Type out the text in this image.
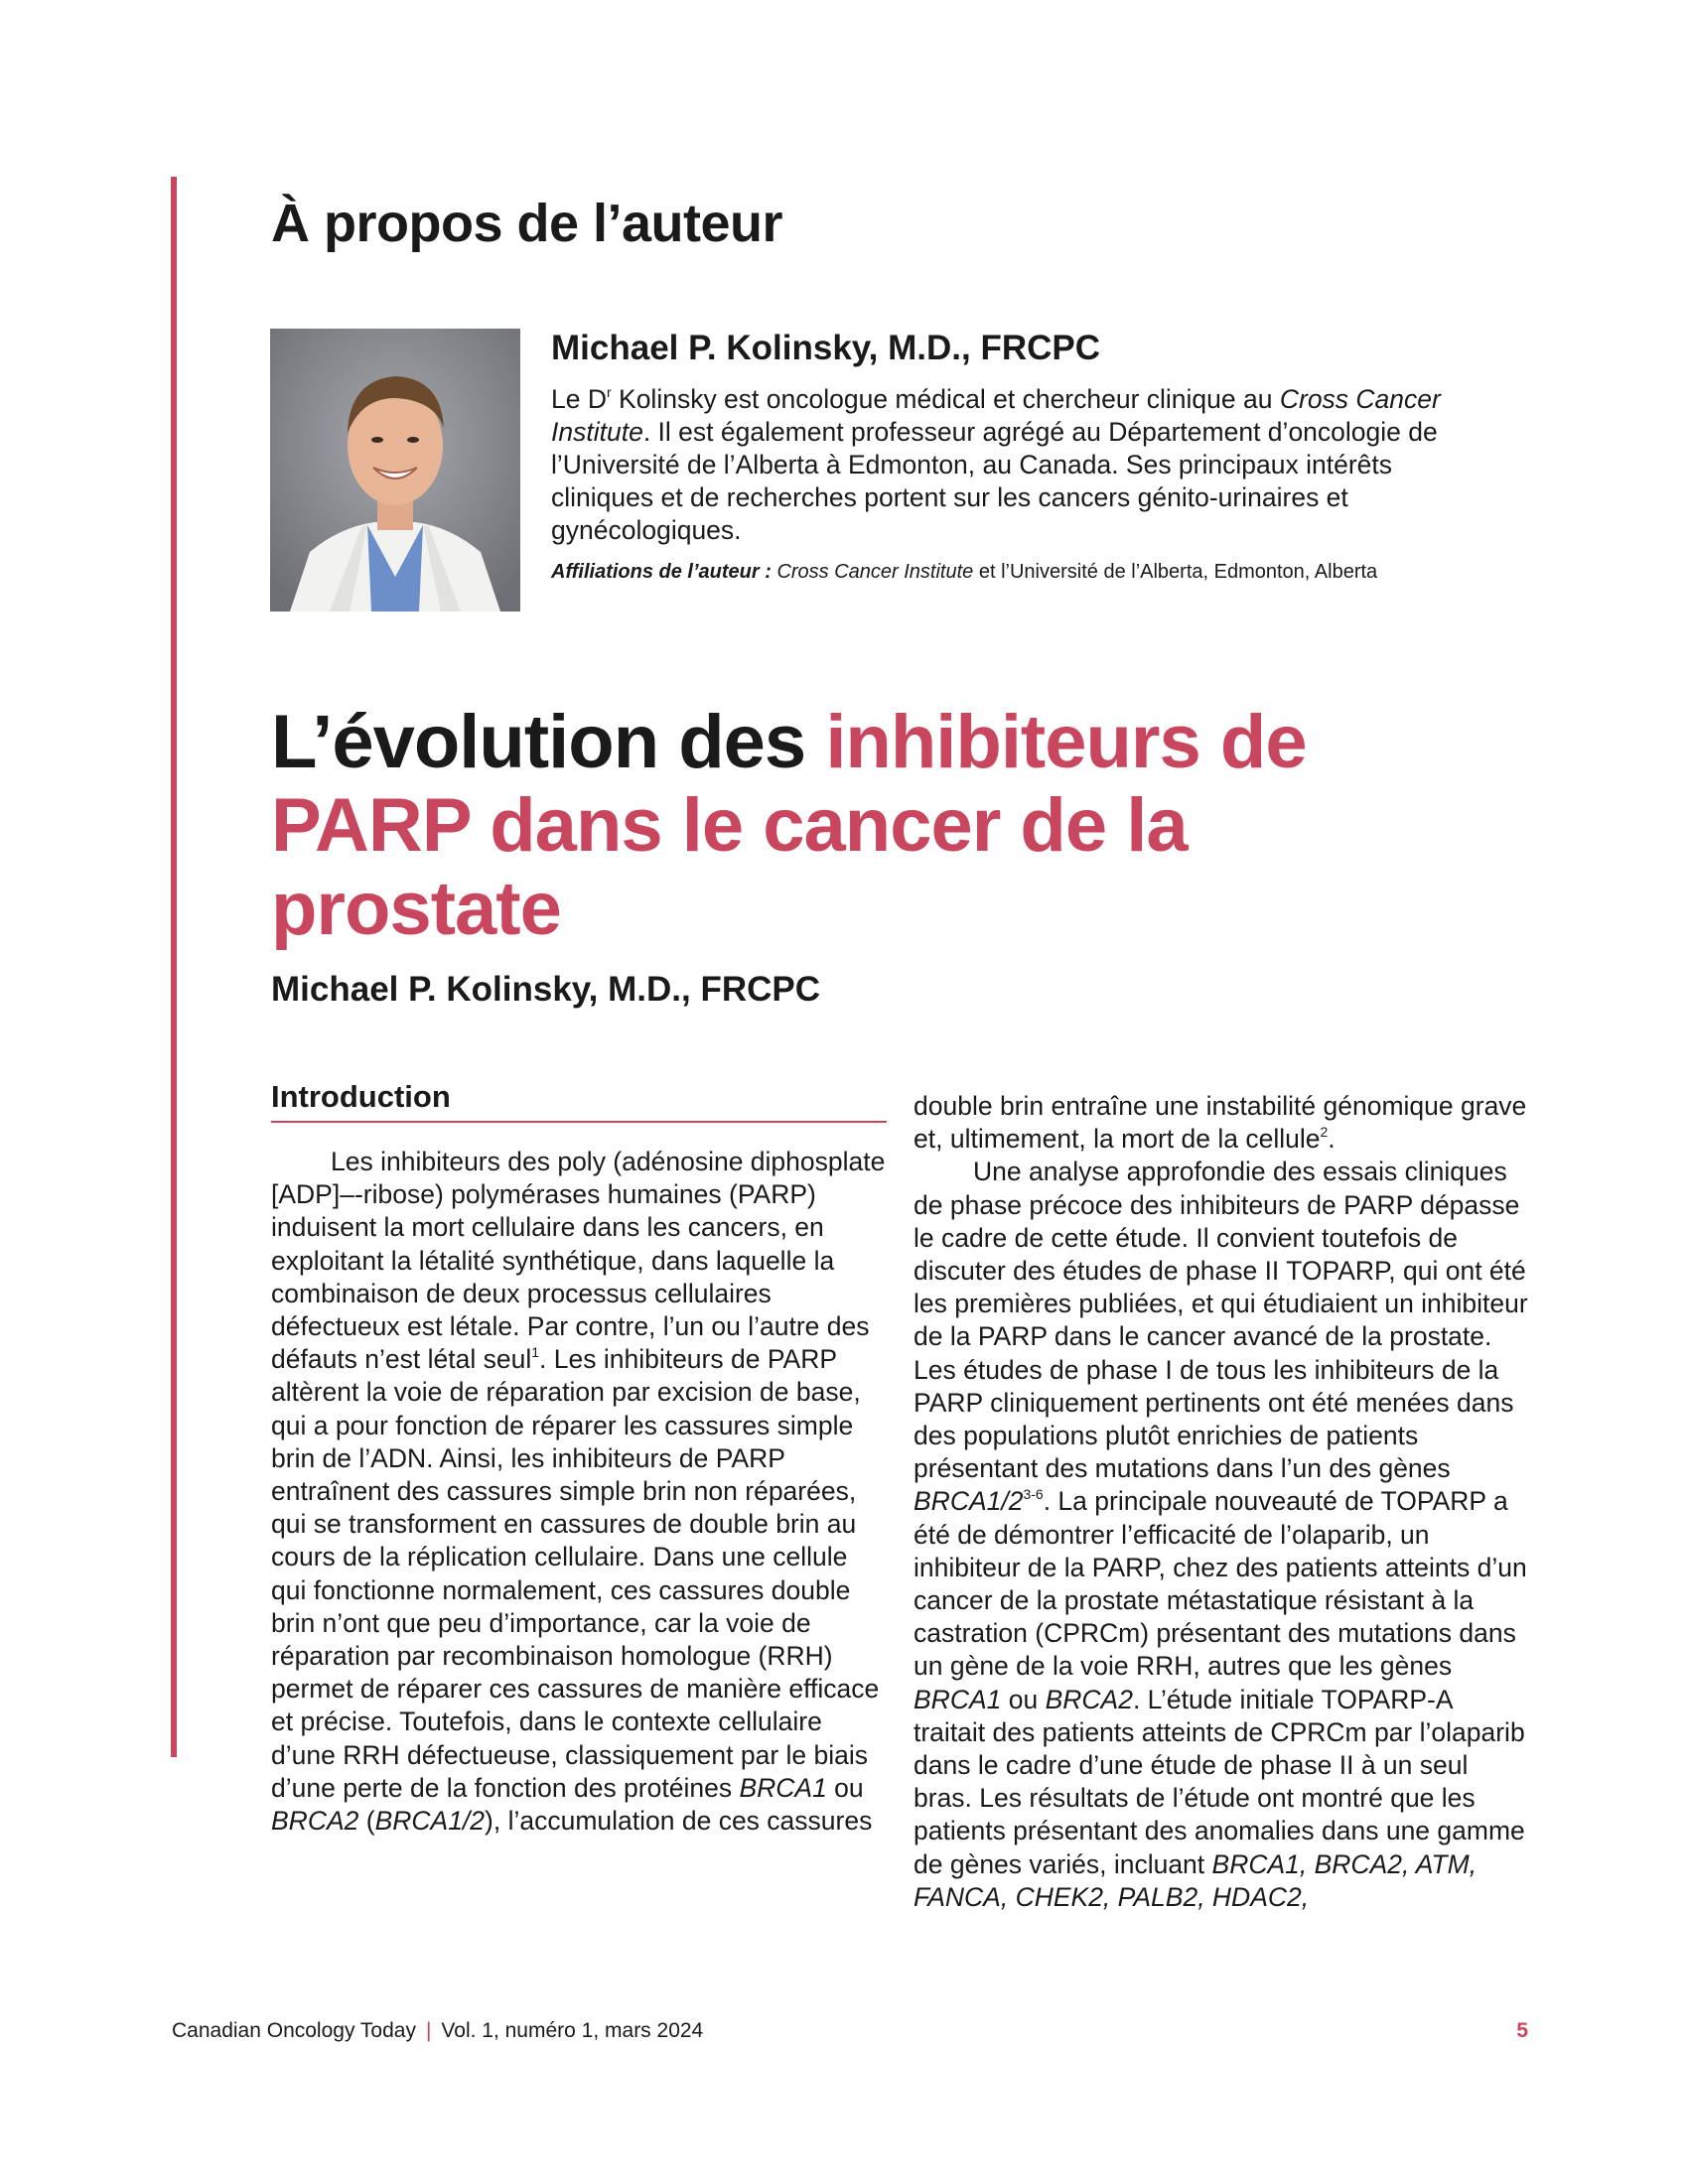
À propos de l’auteur
Michael P. Kolinsky, M.D., FRCPC

Le $D^r$ Kolinsky est oncologue médical et chercheur clinique au Cross Cancer Institute. Il est également professeur agrégé au Département d’oncologie de l’Université de l’Alberta à Edmonton, au Canada. Ses principaux intérêts cliniques et de recherches portent sur les cancers génito-urinaires et gynécologiques.

Affiliations de l’auteur : Cross Cancer Institute et l’Université de l’Alberta, Edmonton, Alberta

L’évolution des inhibiteurs de PARP dans le cancer de la prostate
Michael P. Kolinsky, M.D., FRCPC
Introduction

Les inhibiteurs des poly (adénosine diphosplate [ADP]–-ribose) polymérases humaines (PARP) induisent la mort cellulaire dans les cancers, en exploitant la létalité synthétique, dans laquelle la combinaison de deux processus cellulaires défectueux est létale. Par contre, l’un ou l’autre des défauts n’est létal seul$^1$. Les inhibiteurs de PARP altèrent la voie de réparation par excision de base, qui a pour fonction de réparer les cassures simple brin de l’ADN. Ainsi, les inhibiteurs de PARP entraînent des cassures simple brin non réparées, qui se transforment en cassures de double brin au cours de la réplication cellulaire. Dans une cellule qui fonctionne normalement, ces cassures double brin n’ont que peu d’importance, car la voie de réparation par recombinaison homologue (RRH) permet de réparer ces cassures de manière efficace et précise. Toutefois, dans le contexte cellulaire d’une RRH défectueuse, classiquement par le biais d’une perte de la fonction des protéines BRCA1 ou BRCA2 (BRCA1/2), l’accumulation de ces cassures

double brin entraîne une instabilité génomique grave et, ultimement, la mort de la cellule$^2$.

Une analyse approfondie des essais cliniques de phase précoce des inhibiteurs de PARP dépasse le cadre de cette étude. Il convient toutefois de discuter des études de phase II TOPARP, qui ont été les premières publiées, et qui étudiaient un inhibiteur de la PARP dans le cancer avancé de la prostate. Les études de phase I de tous les inhibiteurs de la PARP cliniquement pertinents ont été menées dans des populations plutôt enrichies de patients présentant des mutations dans l’un des gènes BRCA1/2$^{3-6}$. La principale nouveauté de TOPARP a été de démontrer l’efficacité de l’olaparib, un inhibiteur de la PARP, chez des patients atteints d’un cancer de la prostate métastatique résistant à la castration (CPRCm) présentant des mutations dans un gène de la voie RRH, autres que les gènes BRCA1 ou BRCA2. L’étude initiale TOPARP-A traitait des patients atteints de CPRCm par l’olaparib dans le cadre d’une étude de phase II à un seul bras. Les résultats de l’étude ont montré que les patients présentant des anomalies dans une gamme de gènes variés, incluant BRCA1, BRCA2, ATM, FANCA, CHEK2, PALB2, HDAC2,

Canadian Oncology Today | Vol. 1, numéro 1, mars 2024	5
